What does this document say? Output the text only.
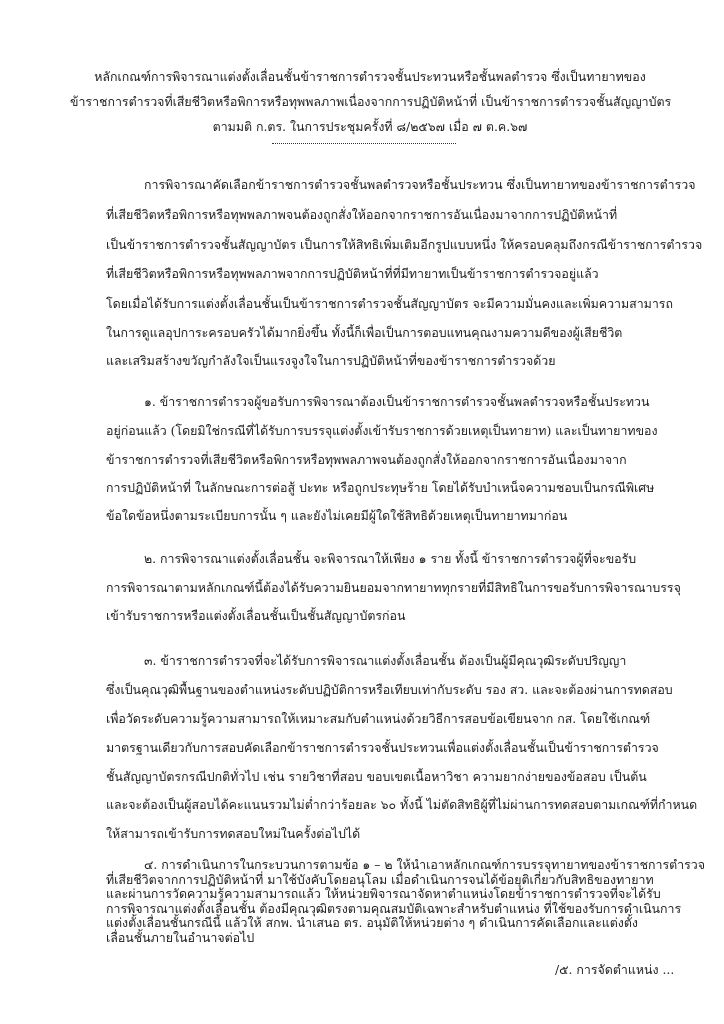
หลักเกณฑ์การพิจารณาแต่งตั้งเลื่อนชั้นข้าราชการตำรวจชั้นประทวนหรือชั้นพลตำรวจ ซึ่งเป็นทายาทของ
ข้าราชการตำรวจที่เสียชีวิตหรือพิการหรือทุพพลภาพเนื่องจากการปฏิบัติหน้าที่ เป็นข้าราชการตำรวจชั้นสัญญาบัตร
ตามมติ ก.ตร. ในการประชุมครั้งที่ ๘/๒๕๖๗ เมื่อ ๗ ต.ค.๖๗
การพิจารณาคัดเลือกข้าราชการตำรวจชั้นพลตำรวจหรือชั้นประทวน ซึ่งเป็นทายาทของข้าราชการตำรวจ
ที่เสียชีวิตหรือพิการหรือทุพพลภาพจนต้องถูกสั่งให้ออกจากราชการอันเนื่องมาจากการปฏิบัติหน้าที่
เป็นข้าราชการตำรวจชั้นสัญญาบัตร เป็นการให้สิทธิเพิ่มเติมอีกรูปแบบหนึ่ง ให้ครอบคลุมถึงกรณีข้าราชการตำรวจ
ที่เสียชีวิตหรือพิการหรือทุพพลภาพจากการปฏิบัติหน้าที่ที่มีทายาทเป็นข้าราชการตำรวจอยู่แล้ว
โดยเมื่อได้รับการแต่งตั้งเลื่อนชั้นเป็นข้าราชการตำรวจชั้นสัญญาบัตร จะมีความมั่นคงและเพิ่มความสามารถ
ในการดูแลอุปการะครอบครัวได้มากยิ่งขึ้น ทั้งนี้ก็เพื่อเป็นการตอบแทนคุณงามความดีของผู้เสียชีวิต
และเสริมสร้างขวัญกำลังใจเป็นแรงจูงใจในการปฏิบัติหน้าที่ของข้าราชการตำรวจด้วย
๑. ข้าราชการตำรวจผู้ขอรับการพิจารณาต้องเป็นข้าราชการตำรวจชั้นพลตำรวจหรือชั้นประทวน
อยู่ก่อนแล้ว (โดยมิใช่กรณีที่ได้รับการบรรจุแต่งตั้งเข้ารับราชการด้วยเหตุเป็นทายาท) และเป็นทายาทของ
ข้าราชการตำรวจที่เสียชีวิตหรือพิการหรือทุพพลภาพจนต้องถูกสั่งให้ออกจากราชการอันเนื่องมาจาก
การปฏิบัติหน้าที่ ในลักษณะการต่อสู้ ปะทะ หรือถูกประทุษร้าย โดยได้รับบำเหน็จความชอบเป็นกรณีพิเศษ
ข้อใดข้อหนึ่งตามระเบียบการนั้น ๆ และยังไม่เคยมีผู้ใดใช้สิทธิด้วยเหตุเป็นทายาทมาก่อน
๒. การพิจารณาแต่งตั้งเลื่อนชั้น จะพิจารณาให้เพียง ๑ ราย ทั้งนี้ ข้าราชการตำรวจผู้ที่จะขอรับ
การพิจารณาตามหลักเกณฑ์นี้ต้องได้รับความยินยอมจากทายาททุกรายที่มีสิทธิในการขอรับการพิจารณาบรรจุ
เข้ารับราชการหรือแต่งตั้งเลื่อนชั้นเป็นชั้นสัญญาบัตรก่อน
๓. ข้าราชการตำรวจที่จะได้รับการพิจารณาแต่งตั้งเลื่อนชั้น ต้องเป็นผู้มีคุณวุฒิระดับปริญญา
ซึ่งเป็นคุณวุฒิพื้นฐานของตำแหน่งระดับปฏิบัติการหรือเทียบเท่ากับระดับ รอง สว. และจะต้องผ่านการทดสอบ
เพื่อวัดระดับความรู้ความสามารถให้เหมาะสมกับตำแหน่งด้วยวิธีการสอบข้อเขียนจาก กส. โดยใช้เกณฑ์
มาตรฐานเดียวกับการสอบคัดเลือกข้าราชการตำรวจชั้นประทวนเพื่อแต่งตั้งเลื่อนชั้นเป็นข้าราชการตำรวจ
ชั้นสัญญาบัตรกรณีปกติทั่วไป เช่น รายวิชาที่สอบ ขอบเขตเนื้อหาวิชา ความยากง่ายของข้อสอบ เป็นต้น
และจะต้องเป็นผู้สอบได้คะแนนรวมไม่ต่ำกว่าร้อยละ ๖๐ ทั้งนี้ ไม่ตัดสิทธิผู้ที่ไม่ผ่านการทดสอบตามเกณฑ์ที่กำหนด
ให้สามารถเข้ารับการทดสอบใหม่ในครั้งต่อไปได้
/๕. การจัดตำแหน่ง ...
๔. การดำเนินการในกระบวนการตามข้อ ๑ – ๒ ให้นำเอาหลักเกณฑ์การบรรจุทายาทของข้าราชการตำรวจ
ที่เสียชีวิตจากการปฏิบัติหน้าที่ มาใช้บังคับโดยอนุโลม เมื่อดำเนินการจนได้ข้อยุติเกี่ยวกับสิทธิของทายาท
และผ่านการวัดความรู้ความสามารถแล้ว ให้หน่วยพิจารณาจัดหาตำแหน่งโดยข้าราชการตำรวจที่จะได้รับ
การพิจารณาแต่งตั้งเลื่อนชั้น ต้องมีคุณวุฒิตรงตามคุณสมบัติเฉพาะสำหรับตำแหน่ง ที่ใช้ของรับการดำเนินการ
แต่งตั้งเลื่อนชั้นกรณีนี้ แล้วให้ สกพ. นำเสนอ ตร. อนุมัติให้หน่วยต่าง ๆ ดำเนินการคัดเลือกและแต่งตั้ง
เลื่อนชั้นภายในอำนาจต่อไป
